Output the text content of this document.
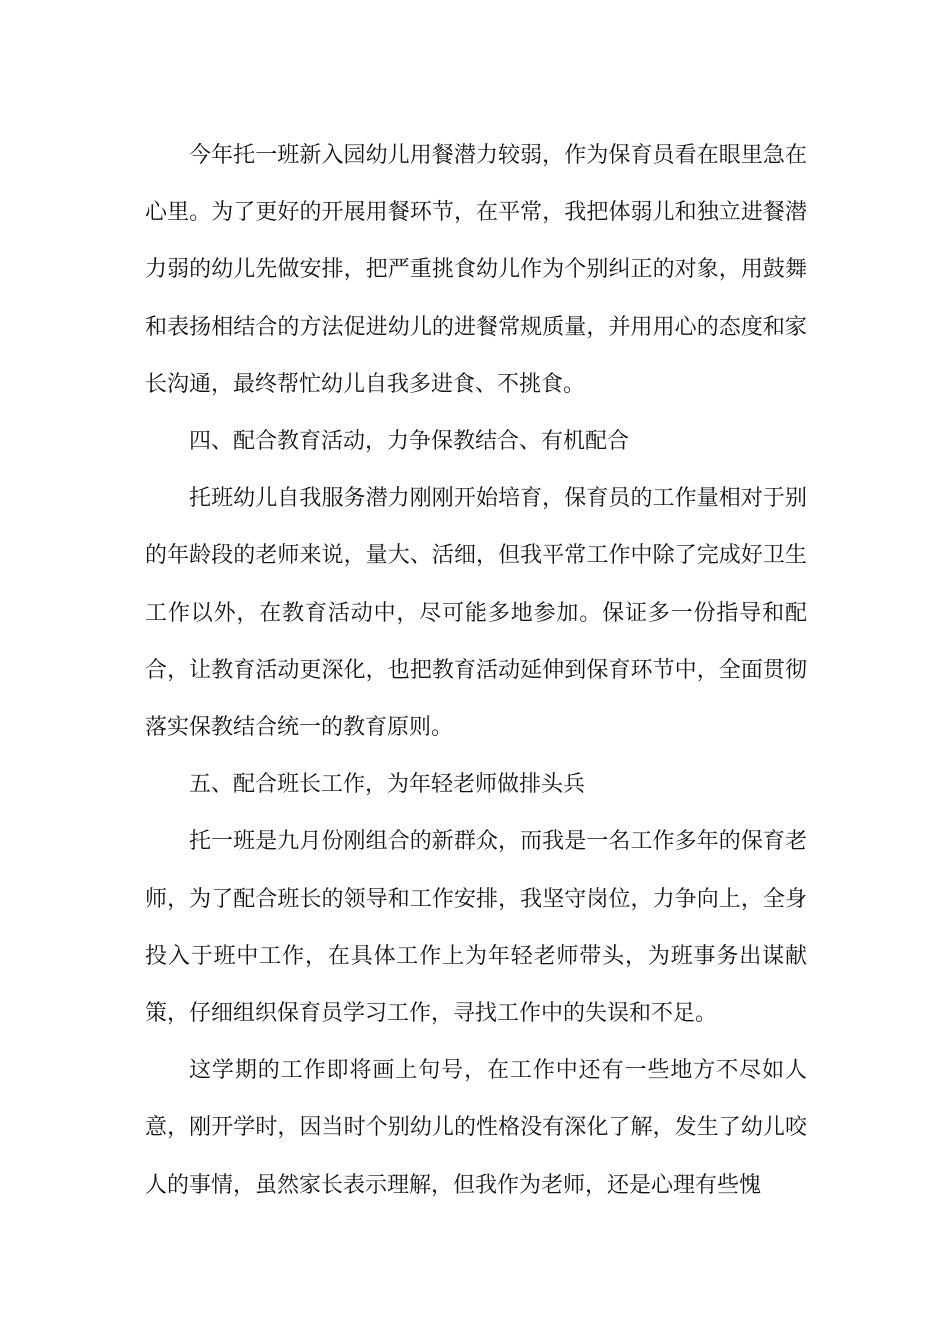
今年托一班新入园幼儿用餐潜力较弱，作为保育员看在眼里急在心里。为了更好的开展用餐环节，在平常，我把体弱儿和独立进餐潜力弱的幼儿先做安排，把严重挑食幼儿作为个别纠正的对象，用鼓舞和表扬相结合的方法促进幼儿的进餐常规质量，并用用心的态度和家长沟通，最终帮忙幼儿自我多进食、不挑食。

四、配合教育活动，力争保教结合、有机配合

托班幼儿自我服务潜力刚刚开始培育，保育员的工作量相对于别的年龄段的老师来说，量大、活细，但我平常工作中除了完成好卫生工作以外，在教育活动中，尽可能多地参加。保证多一份指导和配合，让教育活动更深化，也把教育活动延伸到保育环节中，全面贯彻落实保教结合统一的教育原则。

五、配合班长工作，为年轻老师做排头兵

托一班是九月份刚组合的新群众，而我是一名工作多年的保育老师，为了配合班长的领导和工作安排，我坚守岗位，力争向上，全身投入于班中工作，在具体工作上为年轻老师带头，为班事务出谋献策，仔细组织保育员学习工作，寻找工作中的失误和不足。

这学期的工作即将画上句号，在工作中还有一些地方不尽如人意，刚开学时，因当时个别幼儿的性格没有深化了解，发生了幼儿咬人的事情，虽然家长表示理解，但我作为老师，还是心理有些愧
